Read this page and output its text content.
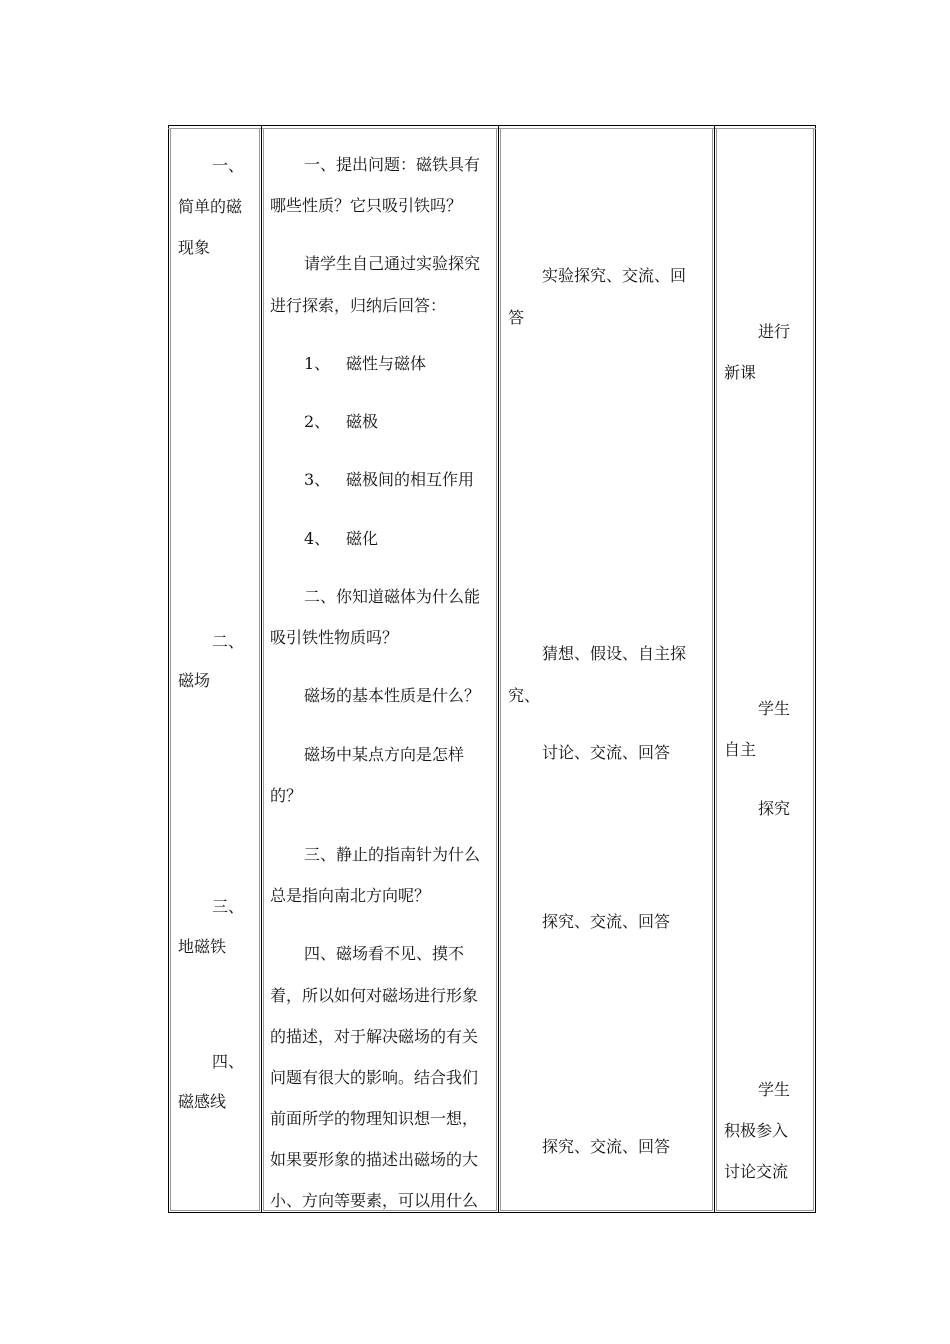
一、
简单的磁
现象
二、
磁场
三、
地磁铁
四、
磁感线
一、提出问题：磁铁具有
哪些性质？它只吸引铁吗？
请学生自己通过实验探究
进行探索，归纳后回答：
1、 磁性与磁体
2、 磁极
3、 磁极间的相互作用
4、 磁化
二、你知道磁体为什么能
吸引铁性物质吗？
磁场的基本性质是什么？
磁场中某点方向是怎样
的？
三、静止的指南针为什么
总是指向南北方向呢？
四、磁场看不见、摸不
着，所以如何对磁场进行形象
的描述，对于解决磁场的有关
问题有很大的影响。结合我们
前面所学的物理知识想一想，
如果要形象的描述出磁场的大
小、方向等要素，可以用什么
实验探究、交流、回
答
猜想、假设、自主探
究、
讨论、交流、回答
探究、交流、回答
探究、交流、回答
进行
新课
学生
自主
探究
学生
积极参入
讨论交流
